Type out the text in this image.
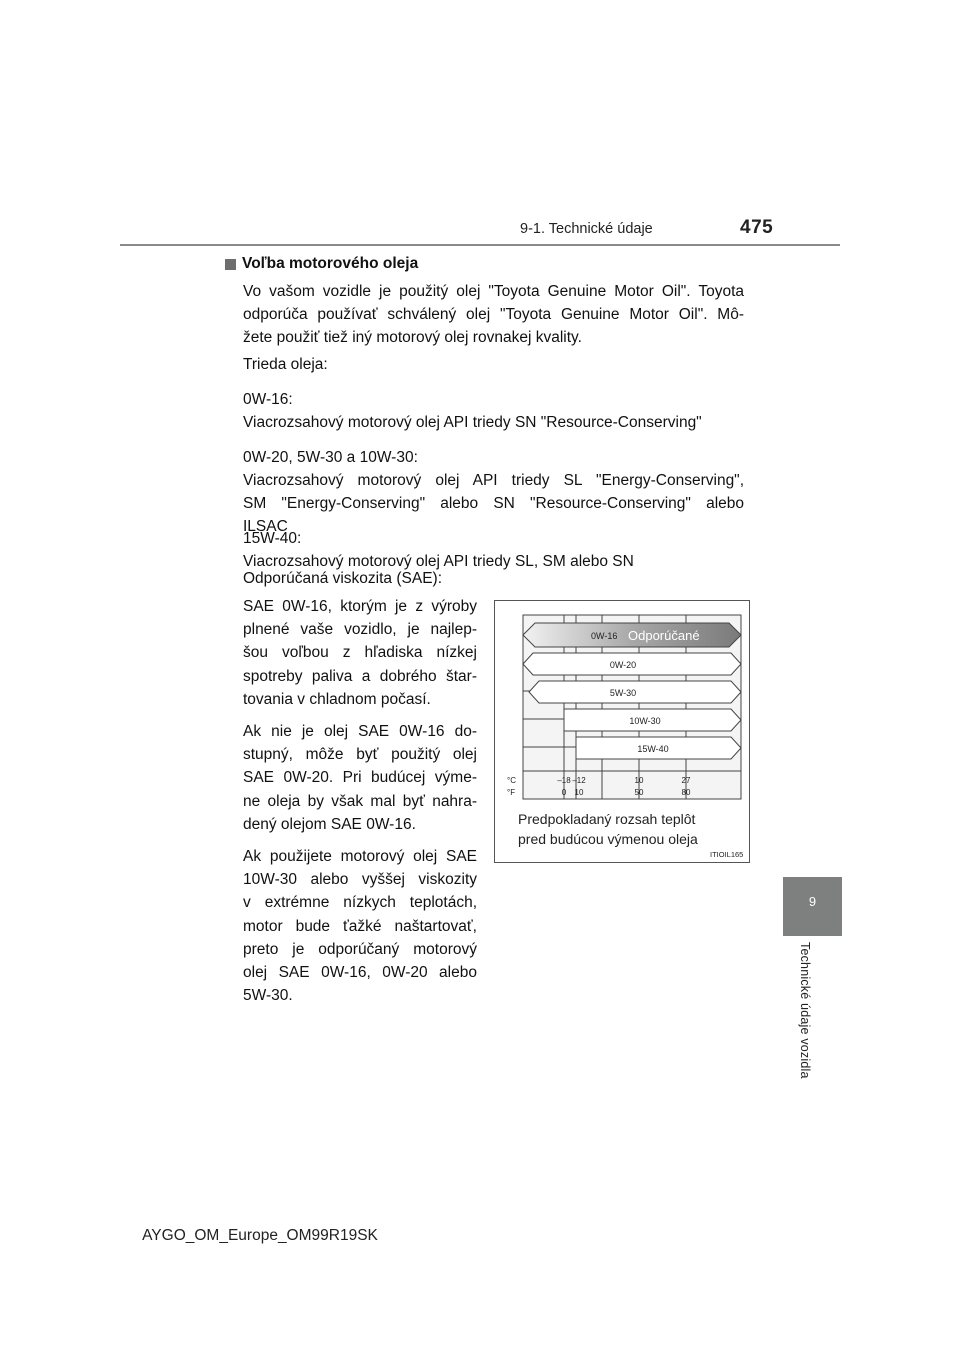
9-1. Technické údaje	475
9
Technické údaje vozidla
Voľba motorového oleja
Vo vašom vozidle je použitý olej "Toyota Genuine Motor Oil". Toyota
odporúča používať schválený olej "Toyota Genuine Motor Oil". Mô-
žete použiť tiež iný motorový olej rovnakej kvality.
Trieda oleja:
0W-16:
Viacrozsahový motorový olej API triedy SN "Resource-Conserving"
0W-20, 5W-30 a 10W-30:
Viacrozsahový motorový olej API triedy SL "Energy-Conserving",
SM "Energy-Conserving" alebo SN "Resource-Conserving" alebo
ILSAC
15W-40:
Viacrozsahový motorový olej API triedy SL, SM alebo SN
Odporúčaná viskozita (SAE):

SAE 0W-16, ktorým je z výroby
plnené vaše vozidlo, je najlep-
šou voľbou z hľadiska nízkej
spotreby paliva a dobrého štar-
tovania v chladnom počasí.

Ak nie je olej SAE 0W-16 do-
stupný, môže byť použitý olej
SAE 0W-20. Pri budúcej výme-
ne oleja by však mal byť nahra-
dený olejom SAE 0W-16.

Ak použijete motorový olej SAE
10W-30 alebo vyššej viskozity
v extrémne nízkych teplotách,
motor bude ťažké naštartovať,
preto je odporúčaný motorový
olej SAE 0W-16, 0W-20 alebo
5W-30.

0W-16 Odporúčané
0W-20
5W-30
10W-30
15W-40
°C
°F
–18 –12	10	27
0 10	50	80
Predpokladaný rozsah teplôt
pred budúcou výmenou oleja
ITIOIL165
AYGO_OM_Europe_OM99R19SK
